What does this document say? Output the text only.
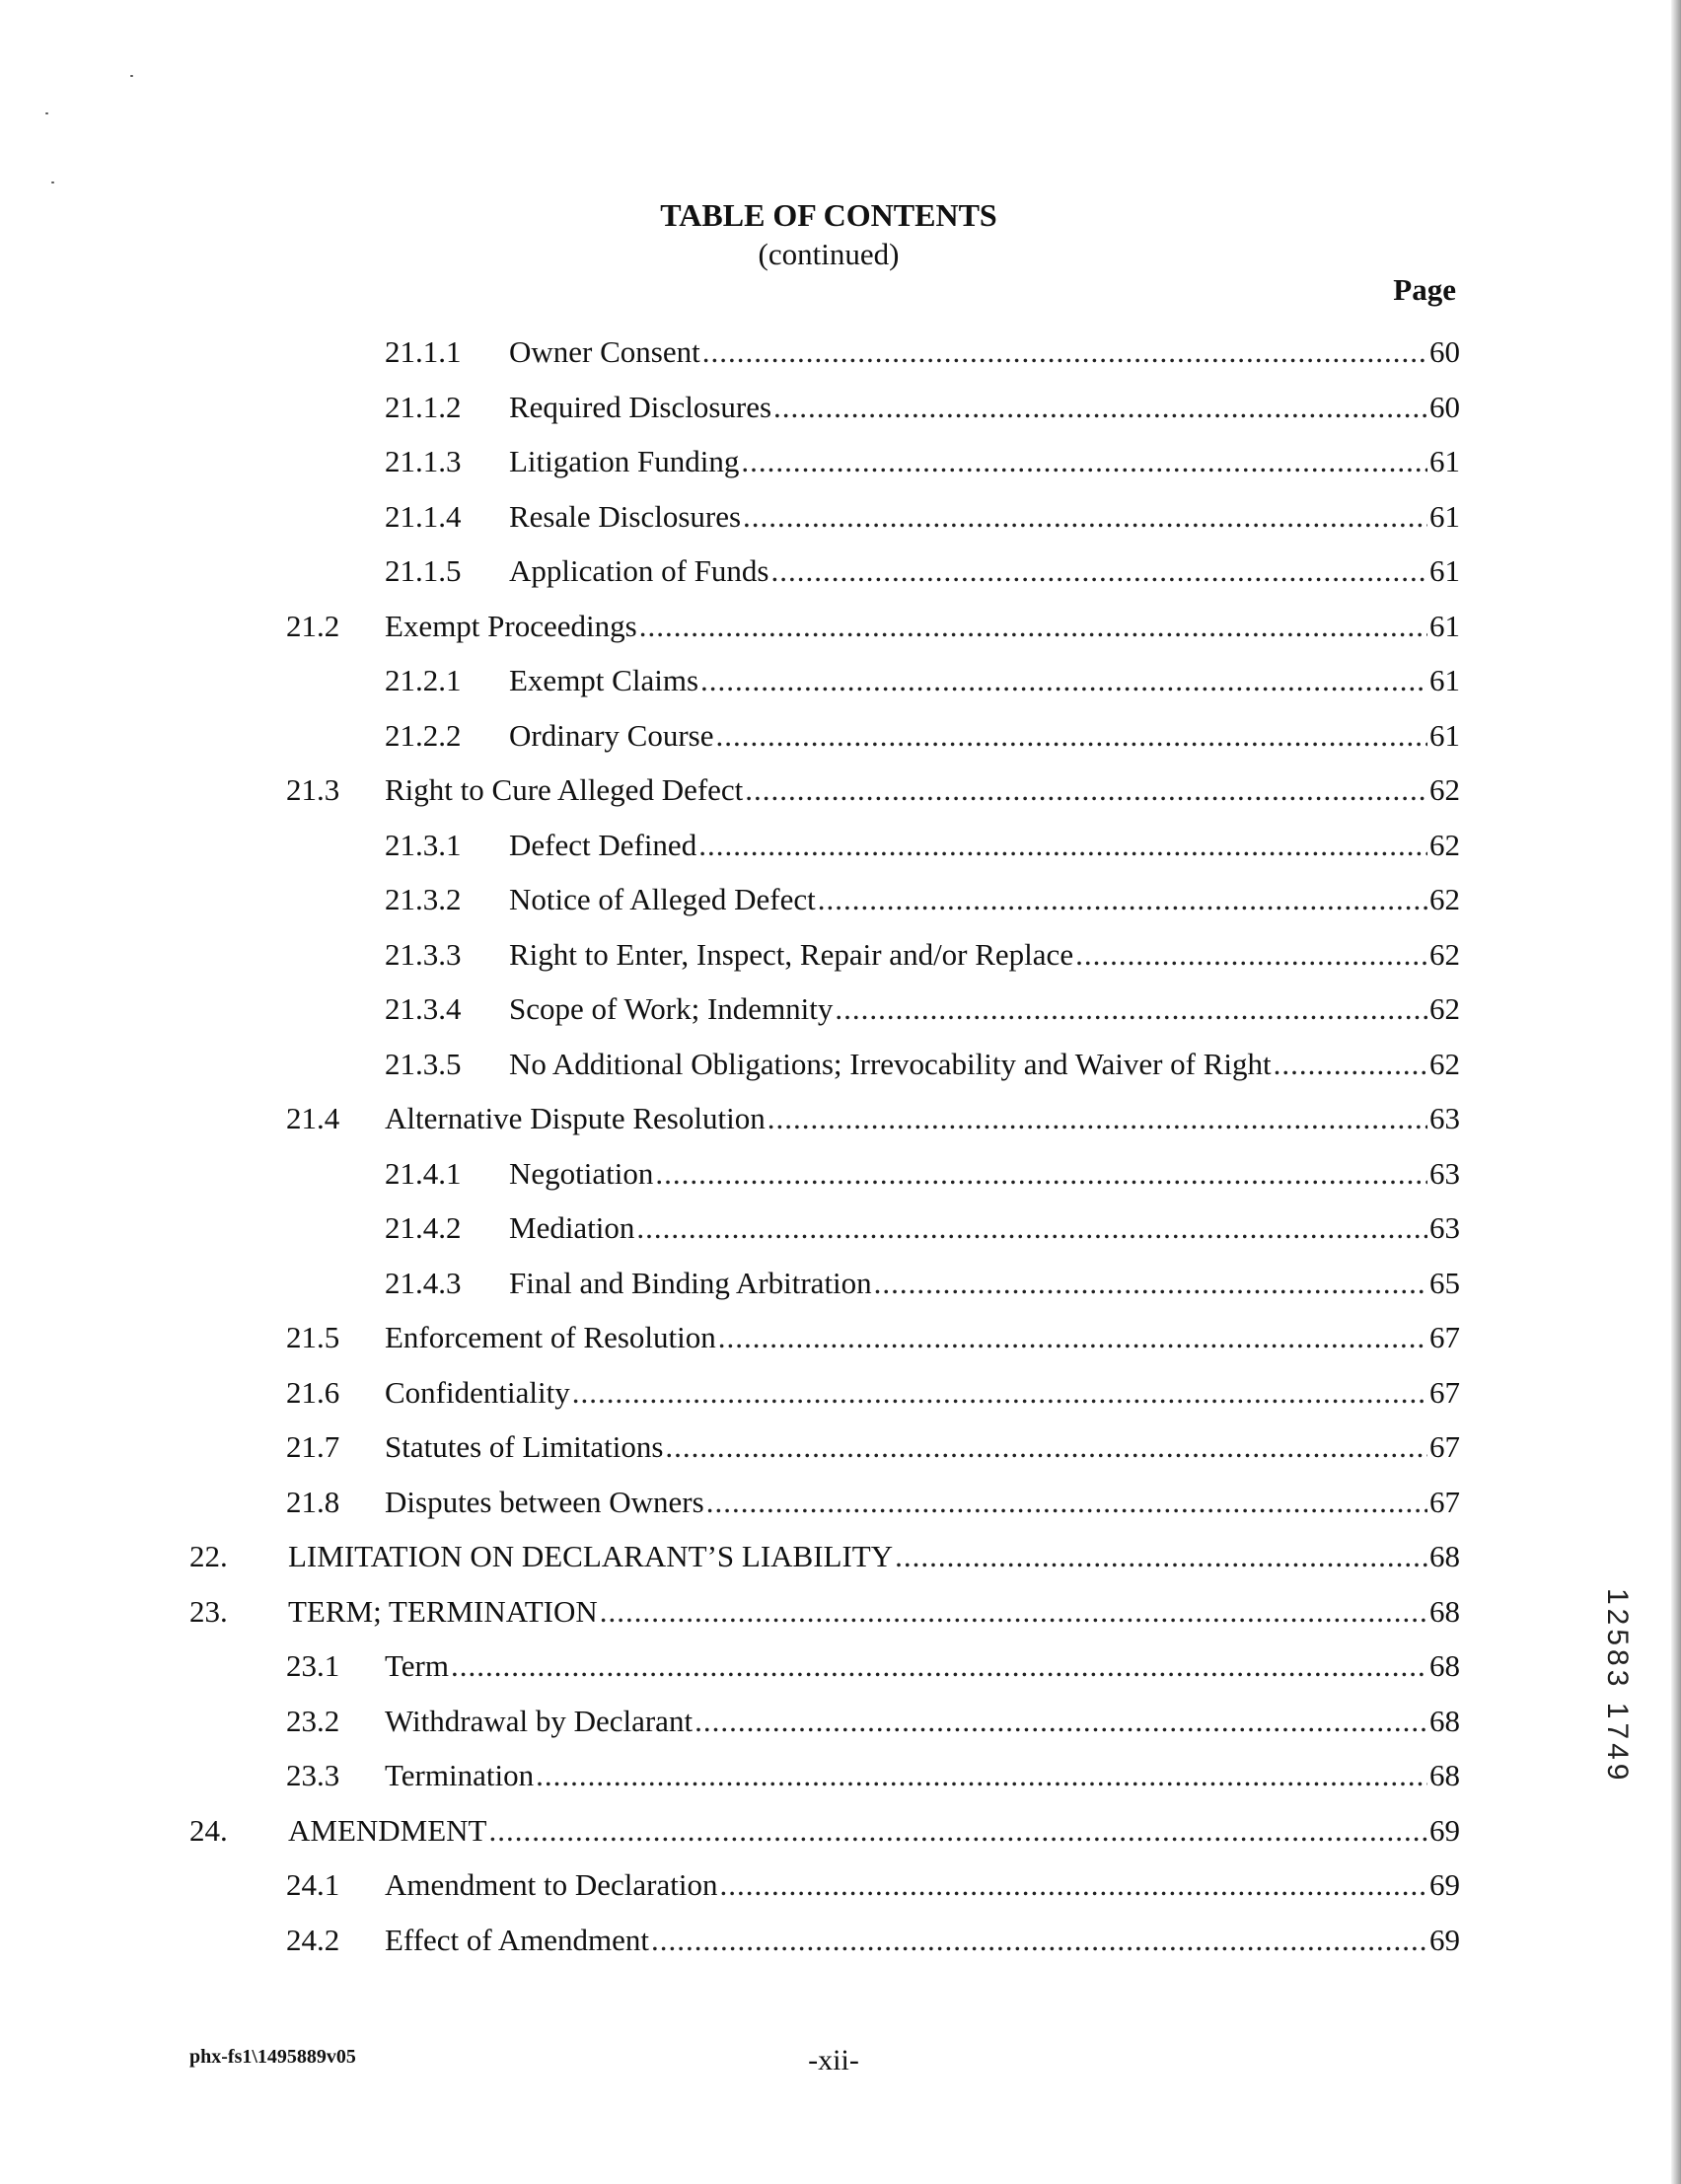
TABLE OF CONTENTS
(continued)
Page
21.1.1 Owner Consent .....	60
21.1.2 Required Disclosures .....	60
21.1.3 Litigation Funding .....	61
21.1.4 Resale Disclosures .....	61
21.1.5 Application of Funds .....	61
21.2 Exempt Proceedings .....	61
21.2.1 Exempt Claims .....	61
21.2.2 Ordinary Course .....	61
21.3 Right to Cure Alleged Defect .....	62
21.3.1 Defect Defined .....	62
21.3.2 Notice of Alleged Defect .....	62
21.3.3 Right to Enter, Inspect, Repair and/or Replace .....	62
21.3.4 Scope of Work; Indemnity .....	62
21.3.5 No Additional Obligations; Irrevocability and Waiver of Right .....	62
21.4 Alternative Dispute Resolution .....	63
21.4.1 Negotiation .....	63
21.4.2 Mediation .....	63
21.4.3 Final and Binding Arbitration .....	65
21.5 Enforcement of Resolution .....	67
21.6 Confidentiality .....	67
21.7 Statutes of Limitations .....	67
21.8 Disputes between Owners .....	67
22. LIMITATION ON DECLARANT’S LIABILITY .....	68
23. TERM; TERMINATION .....	68
23.1 Term .....	68
23.2 Withdrawal by Declarant .....	68
23.3 Termination .....	68
24. AMENDMENT .....	69
24.1 Amendment to Declaration .....	69
24.2 Effect of Amendment .....	69
phx-fs1\1495889v05	-xii-
12583 1749
